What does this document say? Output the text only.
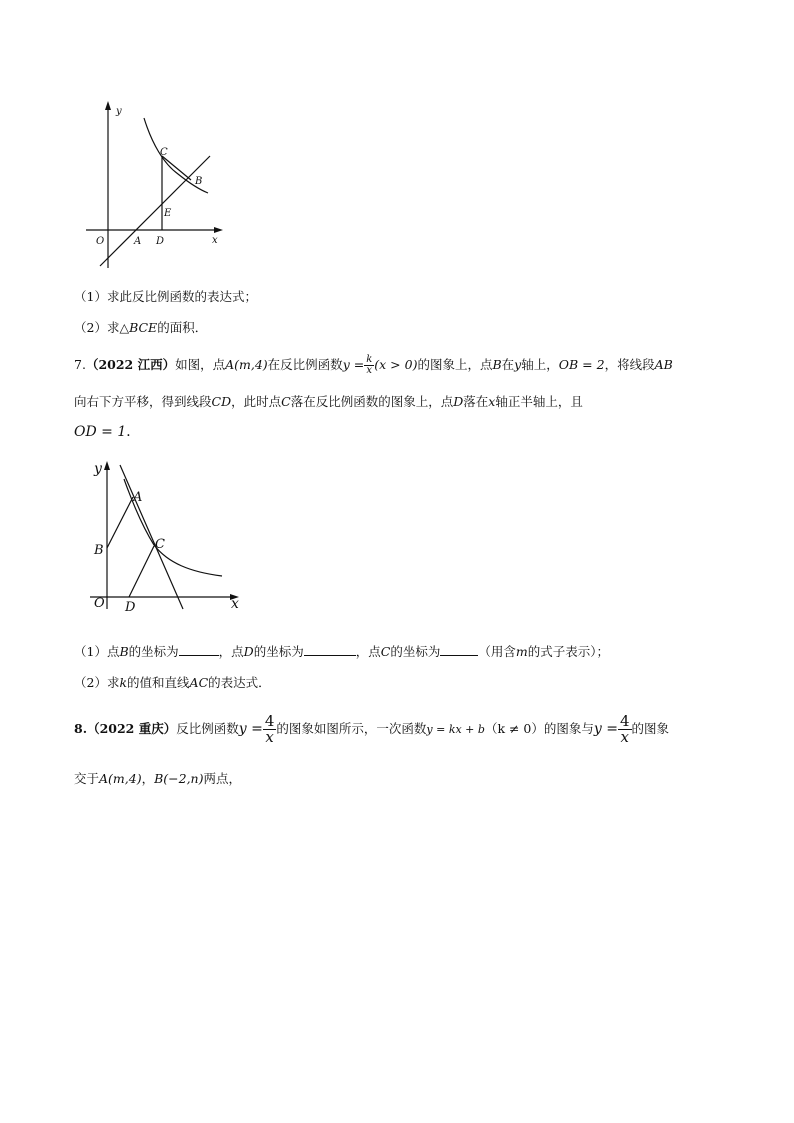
y
x
O	A D
E
C
B
（1）求此反比例函数的表达式；
（2）求△BCE的面积．
7.（2022 江西）如图，点A(m,4)在反比例函数$y = \frac{k}{x} (x > 0)$的图象上，点B在y轴上，OB = 2，将线段AB
向右下方平移，得到线段CD，此时点C落在反比例函数的图象上，点D落在x轴正半轴上，且
OD = 1．
y
x
O
A
B	C
D
（1）点B的坐标为	，点D的坐标为	，点C的坐标为	（用含m的式子表示）；
（2）求k的值和直线AC的表达式．
8.（2022 重庆）反比例函数$y = \frac{4}{x}$ 的图象如图所示，一次函数y = kx + b（k ≠ 0）的图象与$y = \frac{4}{x}$ 的图象
交于A(m,4)，B(−2,n)两点，
